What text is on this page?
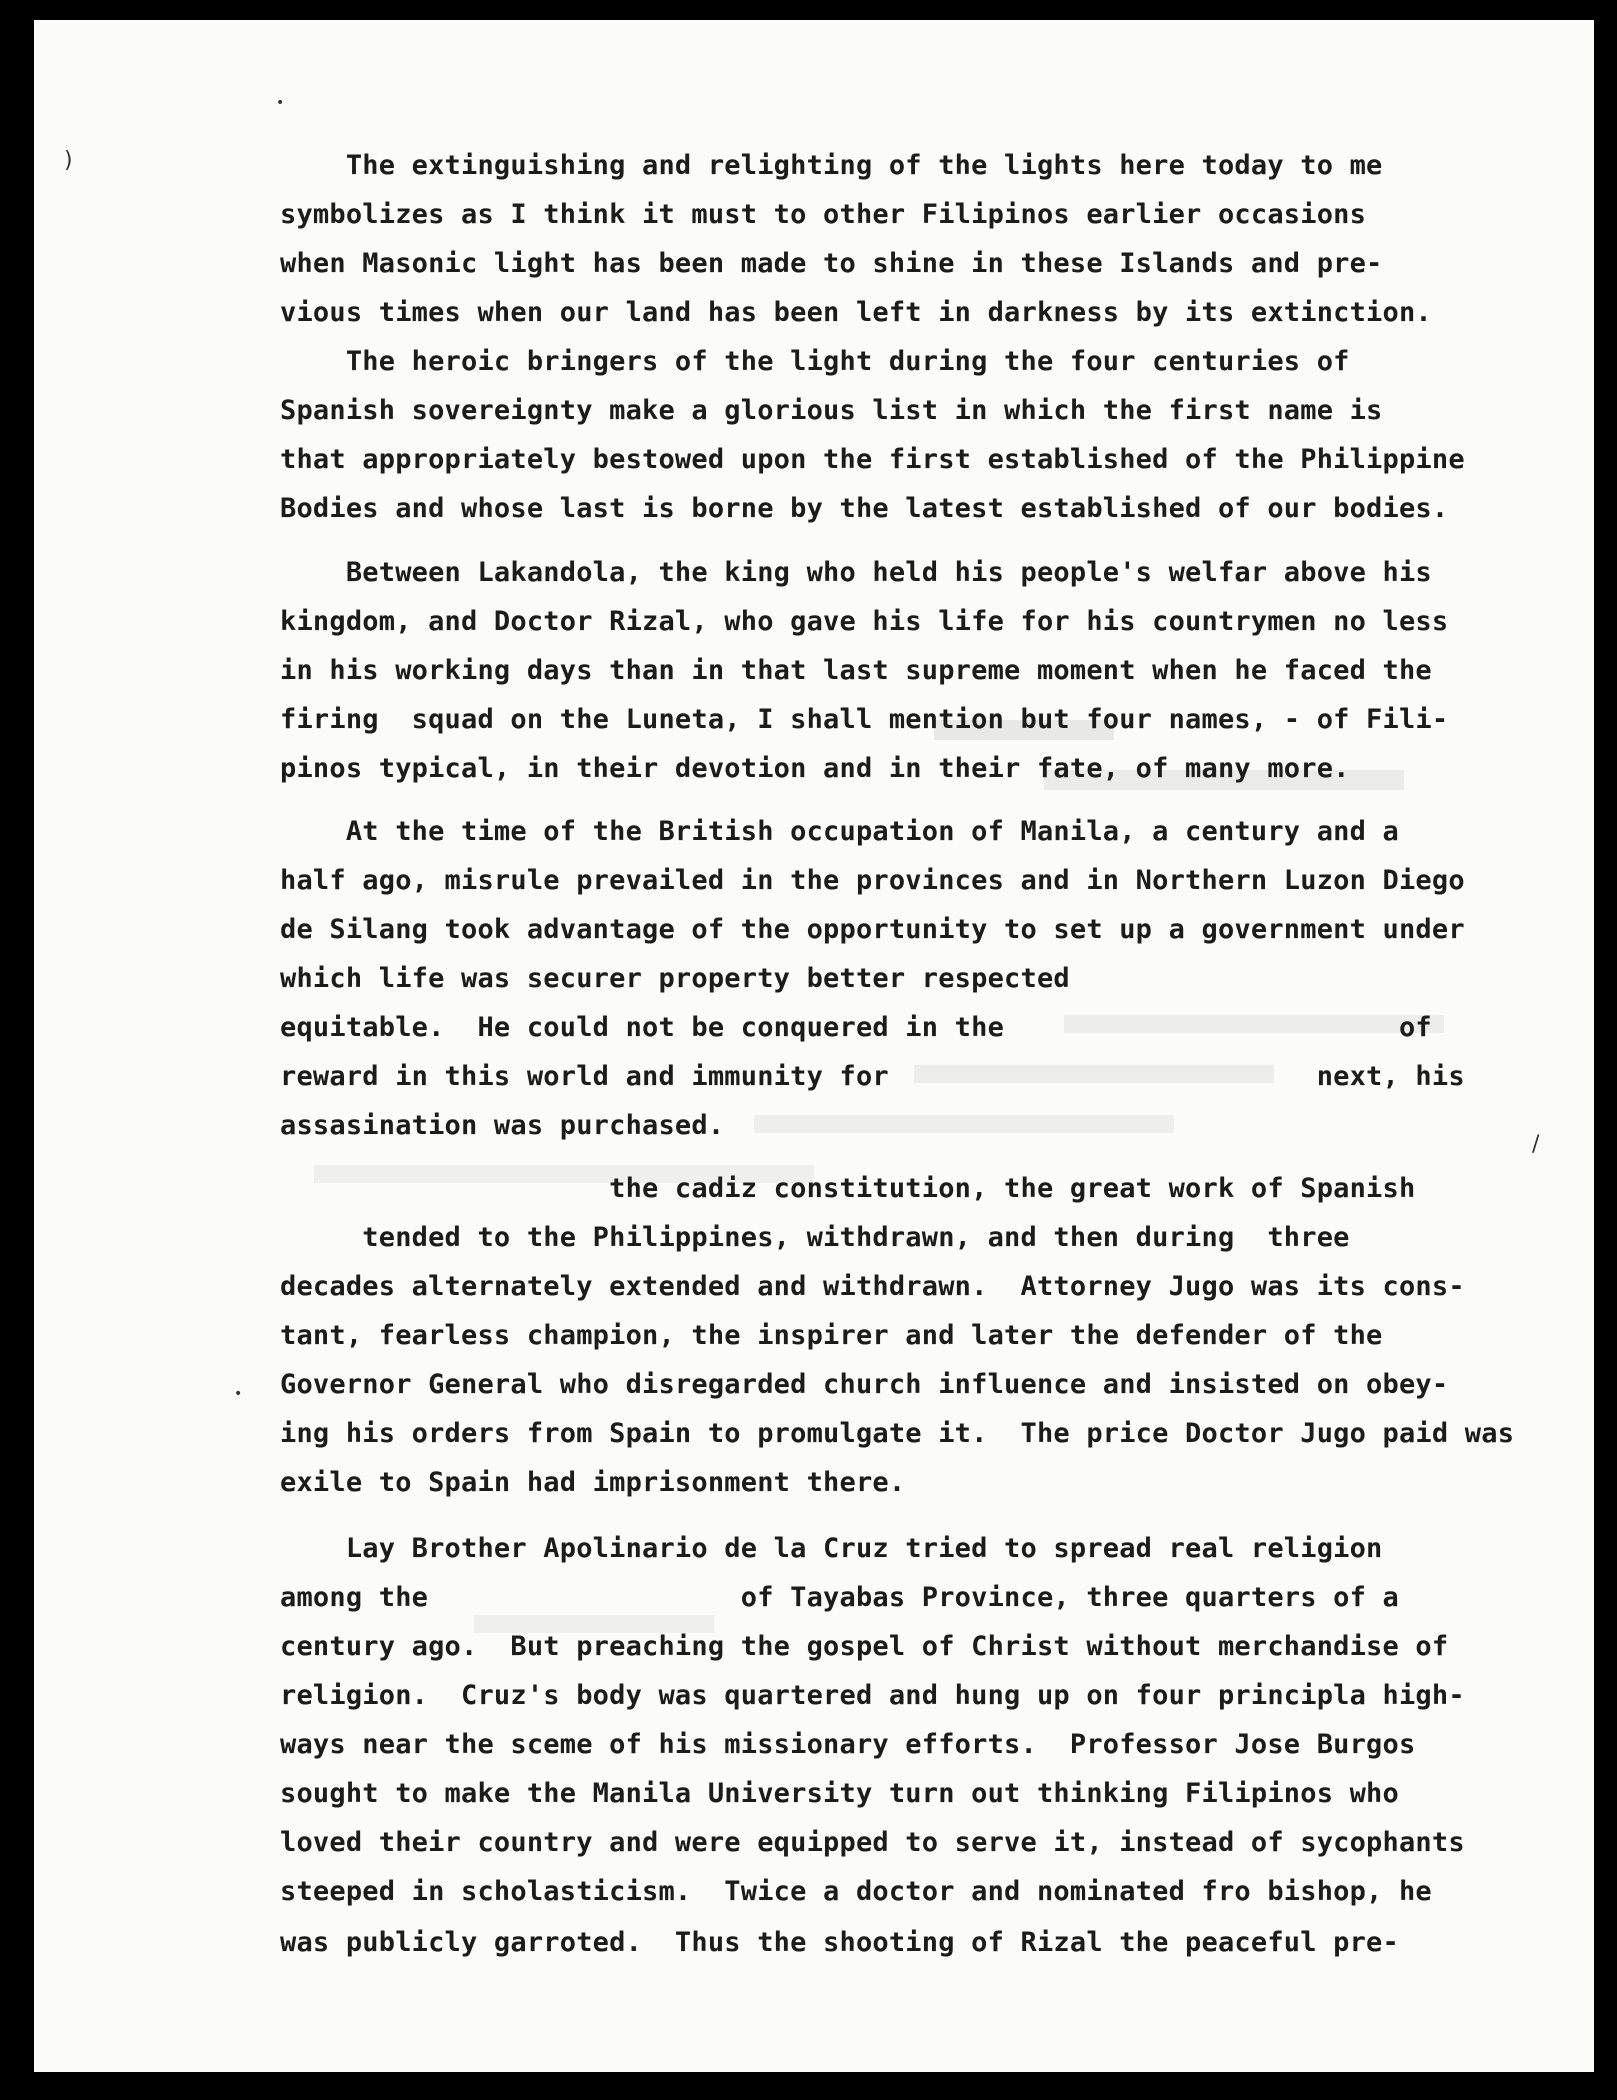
)
•
/
•
The extinguishing and relighting of the lights here today to me
symbolizes as I think it must to other Filipinos earlier occasions
when Masonic light has been made to shine in these Islands and pre-
vious times when our land has been left in darkness by its extinction.
The heroic bringers of the light during the four centuries of
Spanish sovereignty make a glorious list in which the first name is
that appropriately bestowed upon the first established of the Philippine
Bodies and whose last is borne by the latest established of our bodies.
Between Lakandola, the king who held his people's welfar above his
kingdom, and Doctor Rizal, who gave his life for his countrymen no less
in his working days than in that last supreme moment when he faced the
firing  squad on the Luneta, I shall mention but four names, - of Fili-
pinos typical, in their devotion and in their fate, of many more.
At the time of the British occupation of Manila, a century and a
half ago, misrule prevailed in the provinces and in Northern Luzon Diego
de Silang took advantage of the opportunity to set up a government under
which life was securer property better respected
equitable.  He could not be conquered in the                        of
reward in this world and immunity for                          next, his
assasination was purchased.
the cadiz constitution, the great work of Spanish
tended to the Philippines, withdrawn, and then during  three
decades alternately extended and withdrawn.  Attorney Jugo was its cons-
tant, fearless champion, the inspirer and later the defender of the
Governor General who disregarded church influence and insisted on obey-
ing his orders from Spain to promulgate it.  The price Doctor Jugo paid was
exile to Spain had imprisonment there.
Lay Brother Apolinario de la Cruz tried to spread real religion
among the                   of Tayabas Province, three quarters of a
century ago.  But preaching the gospel of Christ without merchandise of
religion.  Cruz's body was quartered and hung up on four principla high-
ways near the sceme of his missionary efforts.  Professor Jose Burgos
sought to make the Manila University turn out thinking Filipinos who
loved their country and were equipped to serve it, instead of sycophants
steeped in scholasticism.  Twice a doctor and nominated fro bishop, he
was publicly garroted.  Thus the shooting of Rizal the peaceful pre-
